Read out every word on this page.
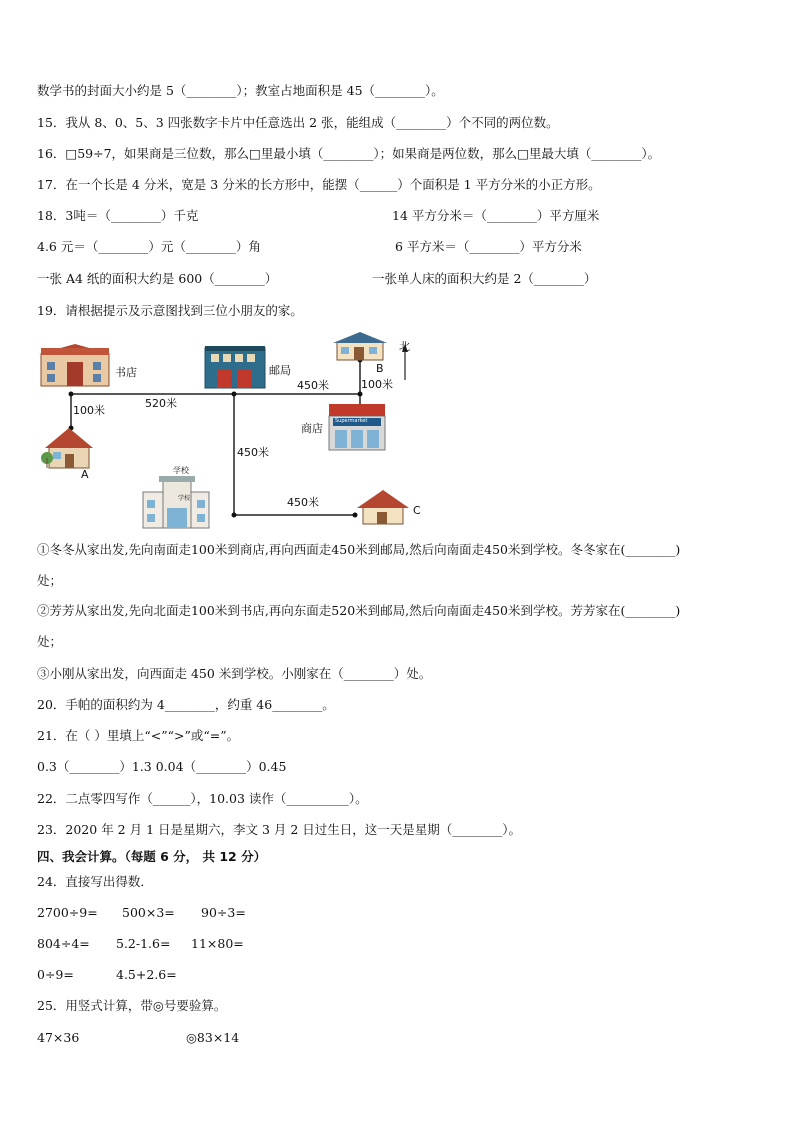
数学书的封面大小约是 5（________）；教室占地面积是 45（________）。
15．我从 8、0、5、3 四张数字卡片中任意选出 2 张，能组成（________）个不同的两位数。
16．□59÷7，如果商是三位数，那么□里最小填（________）；如果商是两位数，那么□里最大填（________）。
17．在一个长是 4 分米，宽是 3 分米的长方形中，能摆（______）个面积是 1 平方分米的小正方形。
18．3吨＝（________）千克	14 平方分米＝（________）平方厘米
4.6 元＝（________）元（________）角	6 平方米＝（________）平方分米
一张 A4 纸的面积大约是 600（________）	一张单人床的面积大约是 2（________）
19．请根据提示及示意图找到三位小朋友的家。
书店	邮局
商店
学校
学校
Supermarket
北
A
B
C
100米
520米
450米	100米
450米
450米
①冬冬从家出发,先向南面走100米到商店,再向西面走450米到邮局,然后向南面走450米到学校。冬冬家在(________)
处；
②芳芳从家出发,先向北面走100米到书店,再向东面走520米到邮局,然后向南面走450米到学校。芳芳家在(________)
处；
③小刚从家出发，向西面走 450 米到学校。小刚家在（________）处。
20．手帕的面积约为 4________，约重 46________。
21．在（ ）里填上“<”“>”或“=”。
0.3（________）1.3 0.04（________）0.45
22．二点零四写作（______），10.03 读作（__________）。
23．2020 年 2 月 1 日是星期六，李文 3 月 2 日过生日，这一天是星期（________）。
四、我会计算。（每题 6 分， 共 12 分）
24．直接写出得数．
2700÷9= 500×3= 90÷3=
804÷4= 5.2-1.6= 11×80=
0÷9=	4.5+2.6=
25．用竖式计算，带◎号要验算。
47×36	◎83×14
